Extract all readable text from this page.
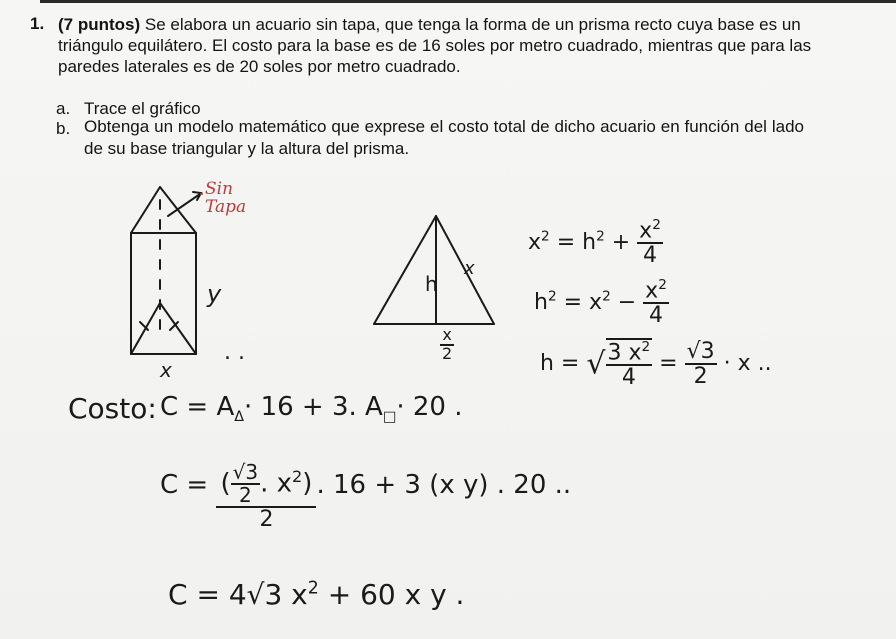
1. (7 puntos) Se elabora un acuario sin tapa, que tenga la forma de un prisma recto cuya base es un triángulo equilátero. El costo para la base es de 16 soles por metro cuadrado, mientras que para las paredes laterales es de 20 soles por metro cuadrado.
a. Trace el gráfico
b. Obtenga un modelo matemático que exprese el costo total de dicho acuario en función del lado de su base triangular y la altura del prisma.
Sin
Tapa
y
x
. .
h
x
$\frac{x}{2}$
$x^2 = h^2 + \frac{x^2}{4}$
$h^2 = x^2 - \frac{x^2}{4}$
h = √ $\frac{3 x^2}{4} = \frac{√3}{2} \cdot x$ ..
Costo: $C = A_\Delta\cdot 16 + 3$. $A_□\cdot 20$ .
$C = \frac{( \frac{√3}{2} . x^2)}{2}$ . 16 + 3 (x y) . 20 ..
C = 4√3 $x^2 + 60$ x y .
